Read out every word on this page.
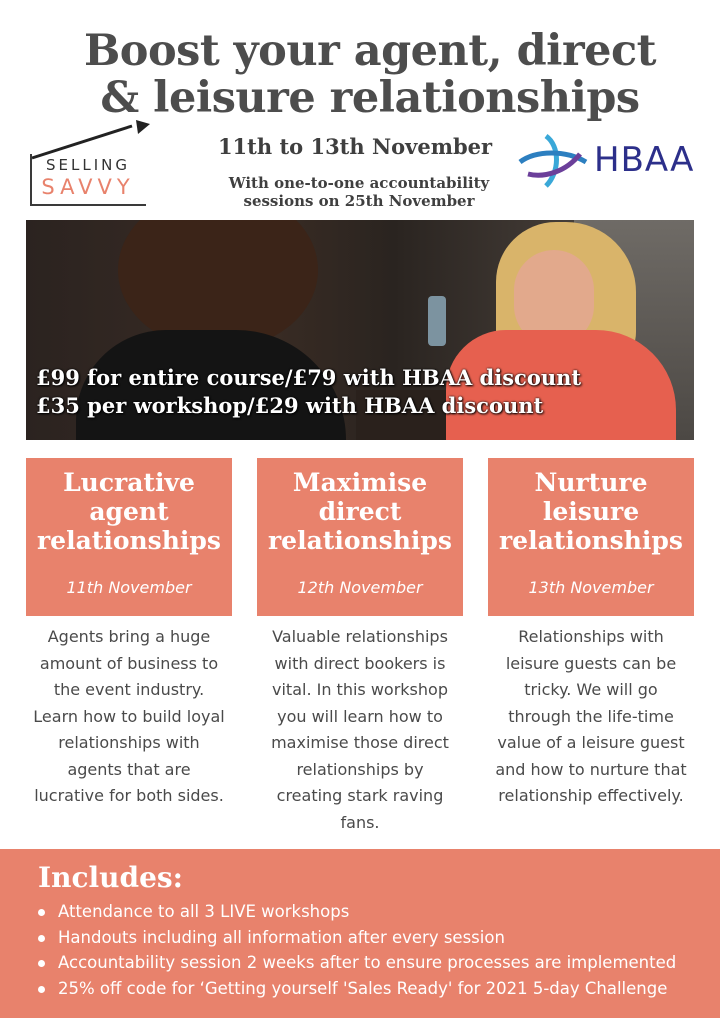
Boost your agent, direct
& leisure relationships
SELLING
SAVVY
11th to 13th November
With one-to-one accountability
sessions on 25th November
HBAA
£99 for entire course/£79 with HBAA discount
£35 per workshop/£29 with HBAA discount
Lucrative
agent
relationships
11th November
Maximise
direct
relationships
12th November
Nurture
leisure
relationships
13th November
Agents bring a huge
amount of business to
the event industry.
Learn how to build loyal
relationships with
agents that are
lucrative for both sides.
Valuable relationships
with direct bookers is
vital. In this workshop
you will learn how to
maximise those direct
relationships by
creating stark raving
fans.
Relationships with
leisure guests can be
tricky. We will go
through the life-time
value of a leisure guest
and how to nurture that
relationship effectively.
Includes:
Attendance to all 3 LIVE workshops
Handouts including all information after every session
Accountability session 2 weeks after to ensure processes are implemented
25% off code for ‘Getting yourself 'Sales Ready' for 2021 5-day Challenge
